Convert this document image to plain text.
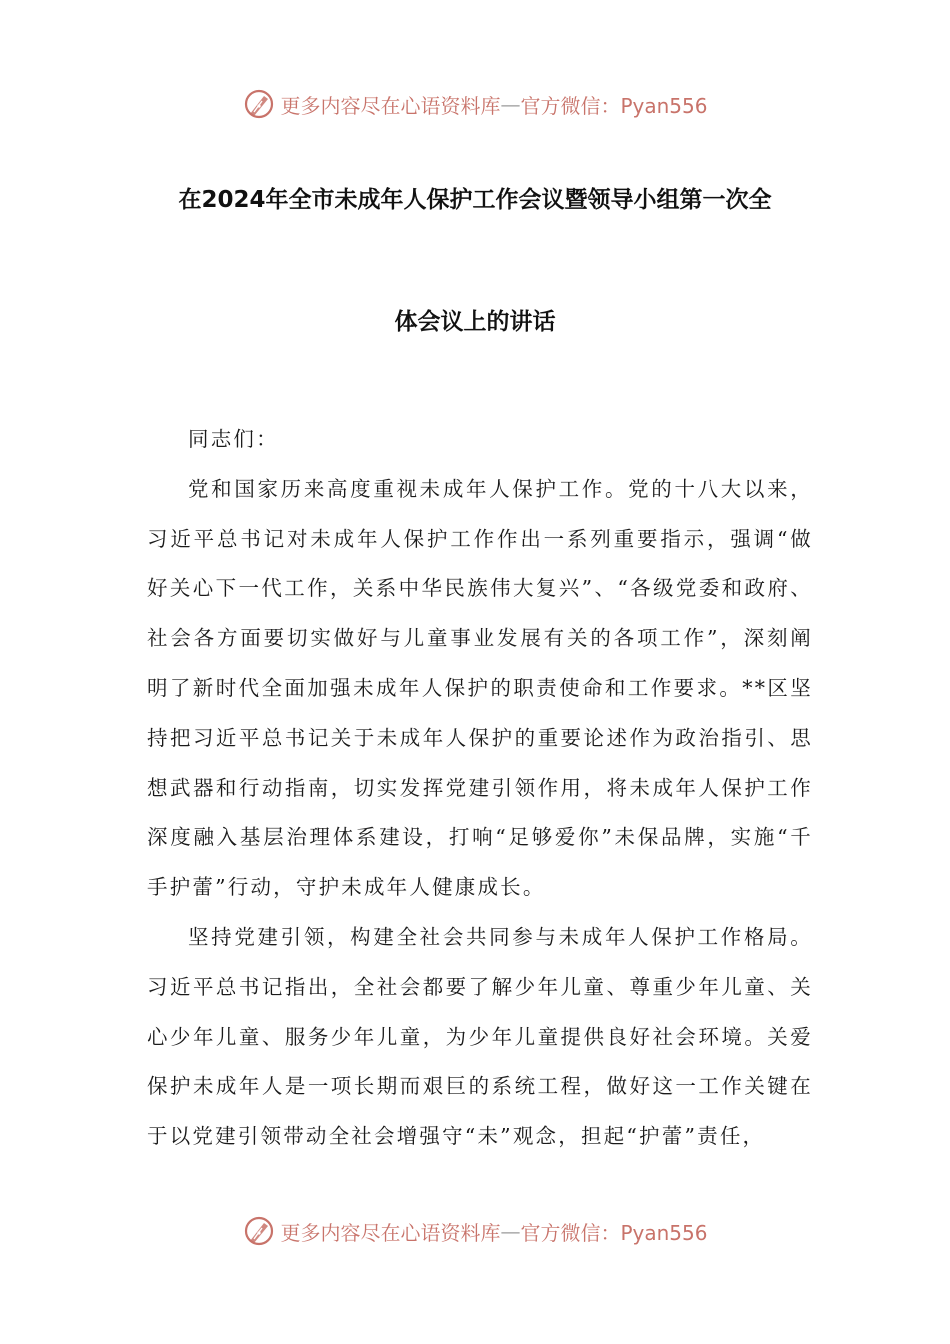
更多内容尽在心语资料库 — 官方微信：Pyan556
在2024年全市未成年人保护工作会议暨领导小组第一次全
体会议上的讲话

同志们：

党和国家历来高度重视未成年人保护工作。党的十八大以来，习近平总书记对未成年人保护工作作出一系列重要指示，强调“做好关心下一代工作，关系中华民族伟大复兴”、“各级党委和政府、社会各方面要切实做好与儿童事业发展有关的各项工作”，深刻阐明了新时代全面加强未成年人保护的职责使命和工作要求。**区坚持把习近平总书记关于未成年人保护的重要论述作为政治指引、思想武器和行动指南，切实发挥党建引领作用，将未成年人保护工作深度融入基层治理体系建设，打响“足够爱你”未保品牌，实施“千手护蕾”行动，守护未成年人健康成长。

坚持党建引领，构建全社会共同参与未成年人保护工作格局。习近平总书记指出，全社会都要了解少年儿童、尊重少年儿童、关心少年儿童、服务少年儿童，为少年儿童提供良好社会环境。关爱保护未成年人是一项长期而艰巨的系统工程，做好这一工作关键在于以党建引领带动全社会增强守“未”观念，担起“护蕾”责任，

更多内容尽在心语资料库 — 官方微信：Pyan556
